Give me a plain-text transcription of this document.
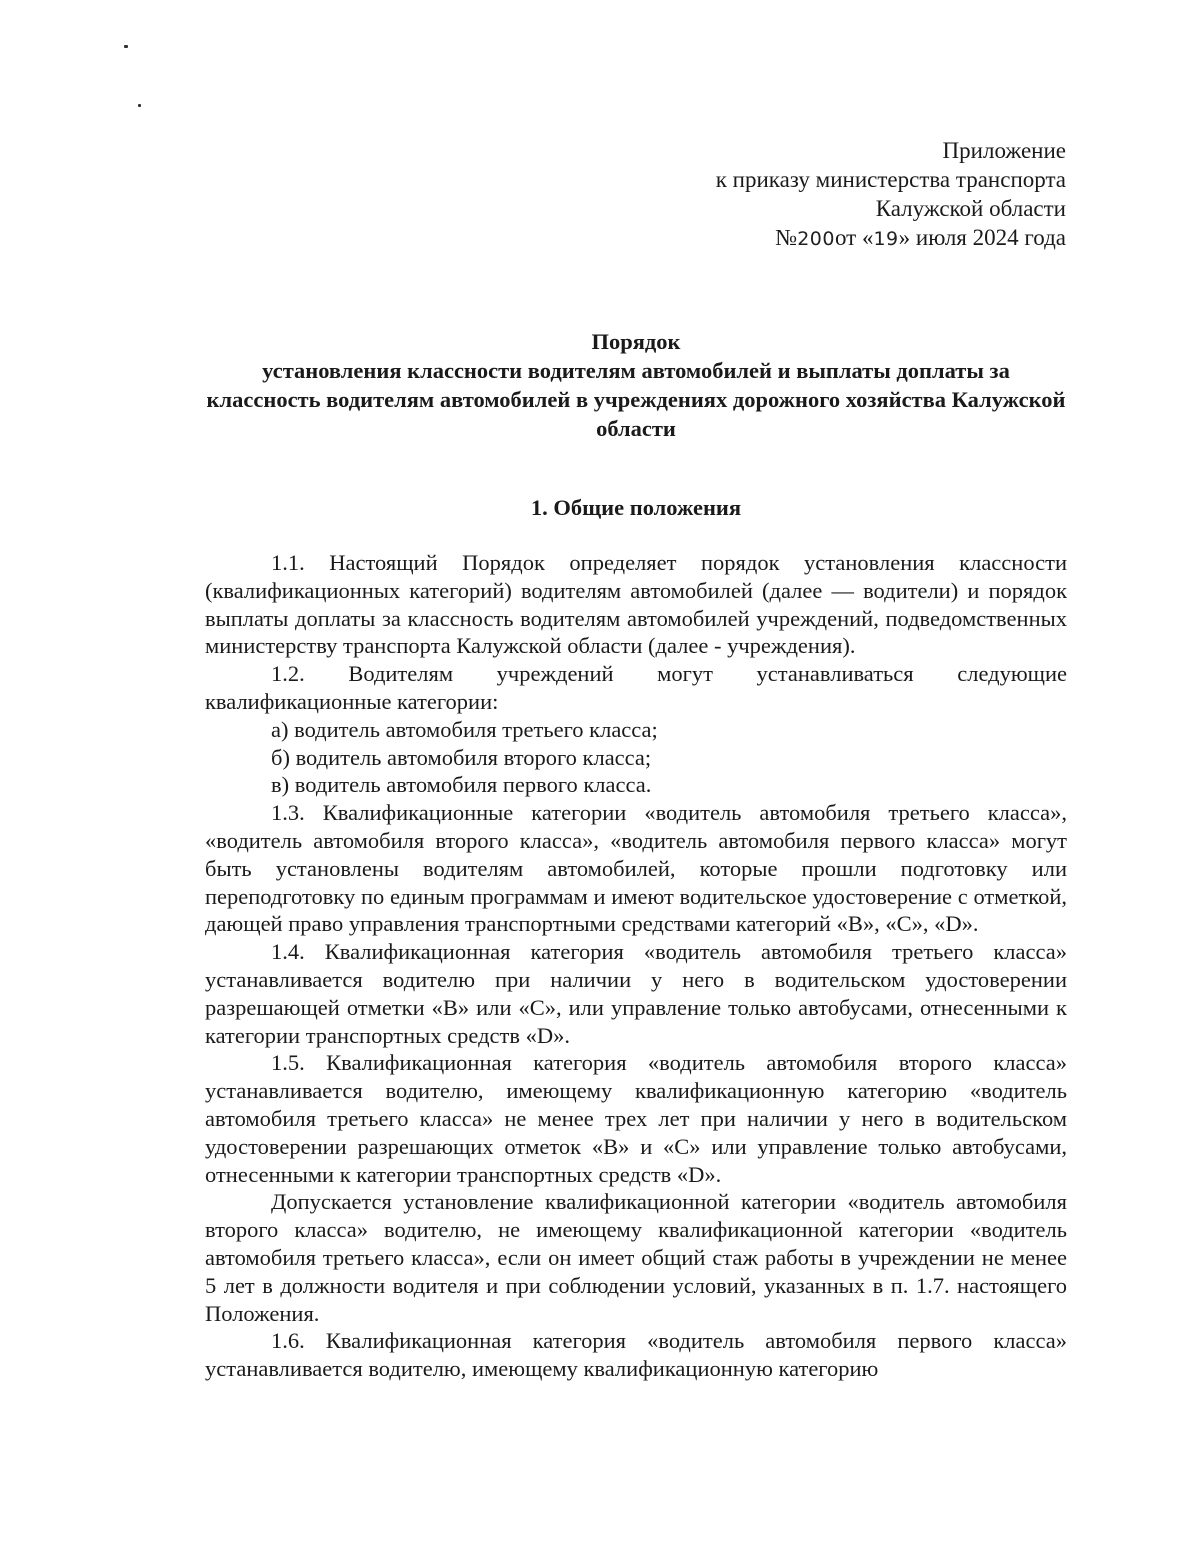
Приложение
к приказу министерства транспорта
Калужской области
№200от «19» июля 2024 года
Порядок
установления классности водителям автомобилей и выплаты доплаты за классность водителям автомобилей в учреждениях дорожного хозяйства Калужской области
1. Общие положения

1.1. Настоящий Порядок определяет порядок установления классности (квалификационных категорий) водителям автомобилей (далее — водители) и порядок выплаты доплаты за классность водителям автомобилей учреждений, подведомственных министерству транспорта Калужской области (далее - учреждения).

1.2. Водителям учреждений могут устанавливаться следующие квалификационные категории:

а) водитель автомобиля третьего класса;

б) водитель автомобиля второго класса;

в) водитель автомобиля первого класса.

1.3. Квалификационные категории «водитель автомобиля третьего класса», «водитель автомобиля второго класса», «водитель автомобиля первого класса» могут быть установлены водителям автомобилей, которые прошли подготовку или переподготовку по единым программам и имеют водительское удостоверение с отметкой, дающей право управления транспортными средствами категорий «B», «C», «D».

1.4. Квалификационная категория «водитель автомобиля третьего класса» устанавливается водителю при наличии у него в водительском удостоверении разрешающей отметки «B» или «C», или управление только автобусами, отнесенными к категории транспортных средств «D».

1.5. Квалификационная категория «водитель автомобиля второго класса» устанавливается водителю, имеющему квалификационную категорию «водитель автомобиля третьего класса» не менее трех лет при наличии у него в водительском удостоверении разрешающих отметок «B» и «C» или управление только автобусами, отнесенными к категории транспортных средств «D».

Допускается установление квалификационной категории «водитель автомобиля второго класса» водителю, не имеющему квалификационной категории «водитель автомобиля третьего класса», если он имеет общий стаж работы в учреждении не менее 5 лет в должности водителя и при соблюдении условий, указанных в п. 1.7. настоящего Положения.

1.6. Квалификационная категория «водитель автомобиля первого класса» устанавливается водителю, имеющему квалификационную категорию
